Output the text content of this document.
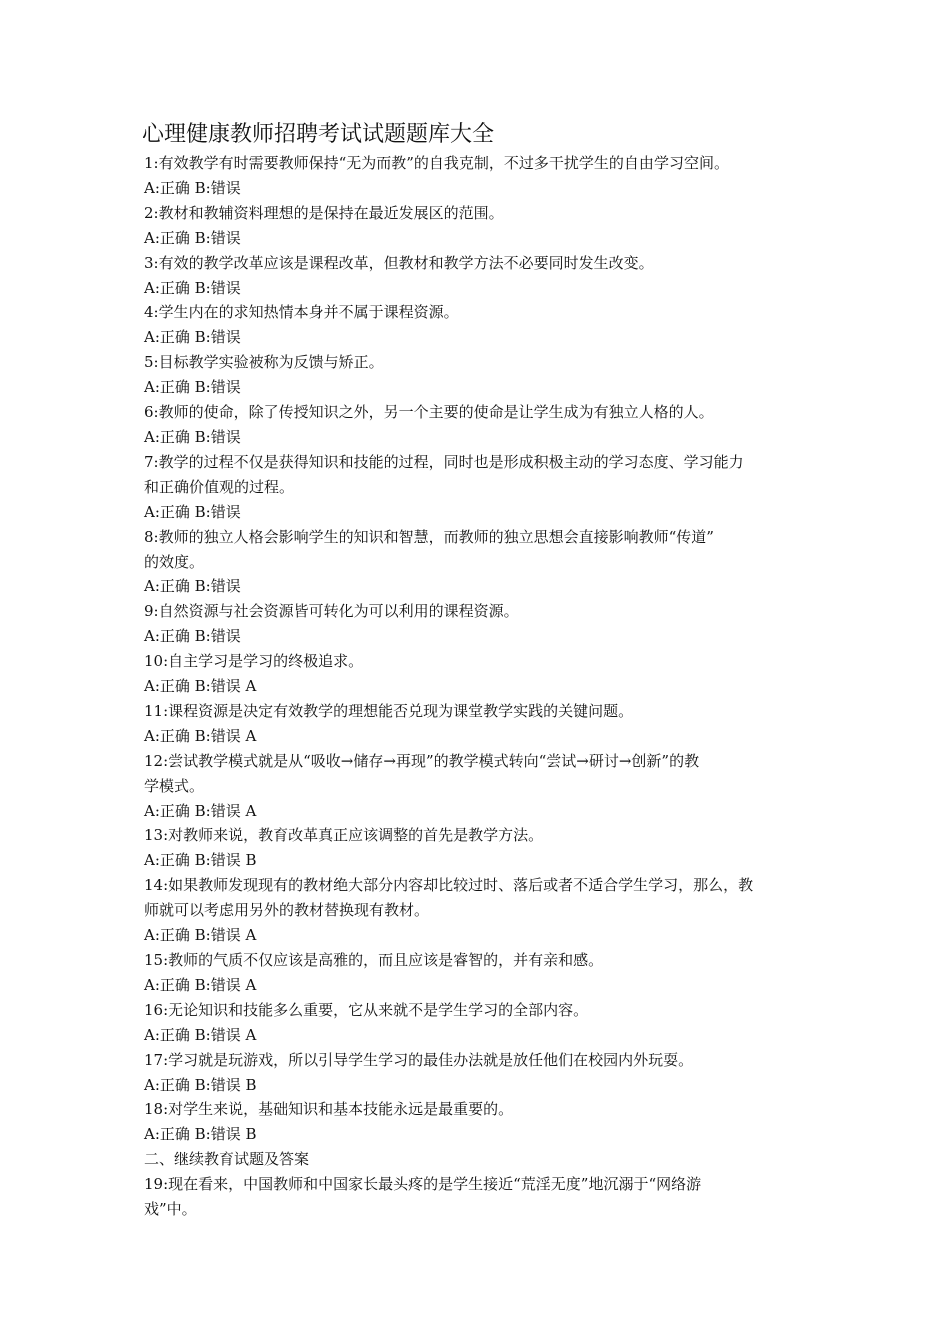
心理健康教师招聘考试试题题库大全
1:有效教学有时需要教师保持“无为而教”的自我克制，不过多干扰学生的自由学习空间。
A:正确 B:错误
2:教材和教辅资料理想的是保持在最近发展区的范围。
A:正确 B:错误
3:有效的教学改革应该是课程改革，但教材和教学方法不必要同时发生改变。
A:正确 B:错误
4:学生内在的求知热情本身并不属于课程资源。
A:正确 B:错误
5:目标教学实验被称为反馈与矫正。
A:正确 B:错误
6:教师的使命，除了传授知识之外，另一个主要的使命是让学生成为有独立人格的人。
A:正确 B:错误
7:教学的过程不仅是获得知识和技能的过程，同时也是形成积极主动的学习态度、学习能力
和正确价值观的过程。
A:正确 B:错误
8:教师的独立人格会影响学生的知识和智慧，而教师的独立思想会直接影响教师“传道”
的效度。
A:正确 B:错误
9:自然资源与社会资源皆可转化为可以利用的课程资源。
A:正确 B:错误
10:自主学习是学习的终极追求。
A:正确 B:错误 A
11:课程资源是决定有效教学的理想能否兑现为课堂教学实践的关键问题。
A:正确 B:错误 A
12:尝试教学模式就是从“吸收→储存→再现”的教学模式转向“尝试→研讨→创新”的教
学模式。
A:正确 B:错误 A
13:对教师来说，教育改革真正应该调整的首先是教学方法。
A:正确 B:错误 B
14:如果教师发现现有的教材绝大部分内容却比较过时、落后或者不适合学生学习，那么，教
师就可以考虑用另外的教材替换现有教材。
A:正确 B:错误 A
15:教师的气质不仅应该是高雅的，而且应该是睿智的，并有亲和感。
A:正确 B:错误 A
16:无论知识和技能多么重要，它从来就不是学生学习的全部内容。
A:正确 B:错误 A
17:学习就是玩游戏，所以引导学生学习的最佳办法就是放任他们在校园内外玩耍。
A:正确 B:错误 B
18:对学生来说，基础知识和基本技能永远是最重要的。
A:正确 B:错误 B
二、继续教育试题及答案
19:现在看来，中国教师和中国家长最头疼的是学生接近“荒淫无度”地沉溺于“网络游
戏”中。
